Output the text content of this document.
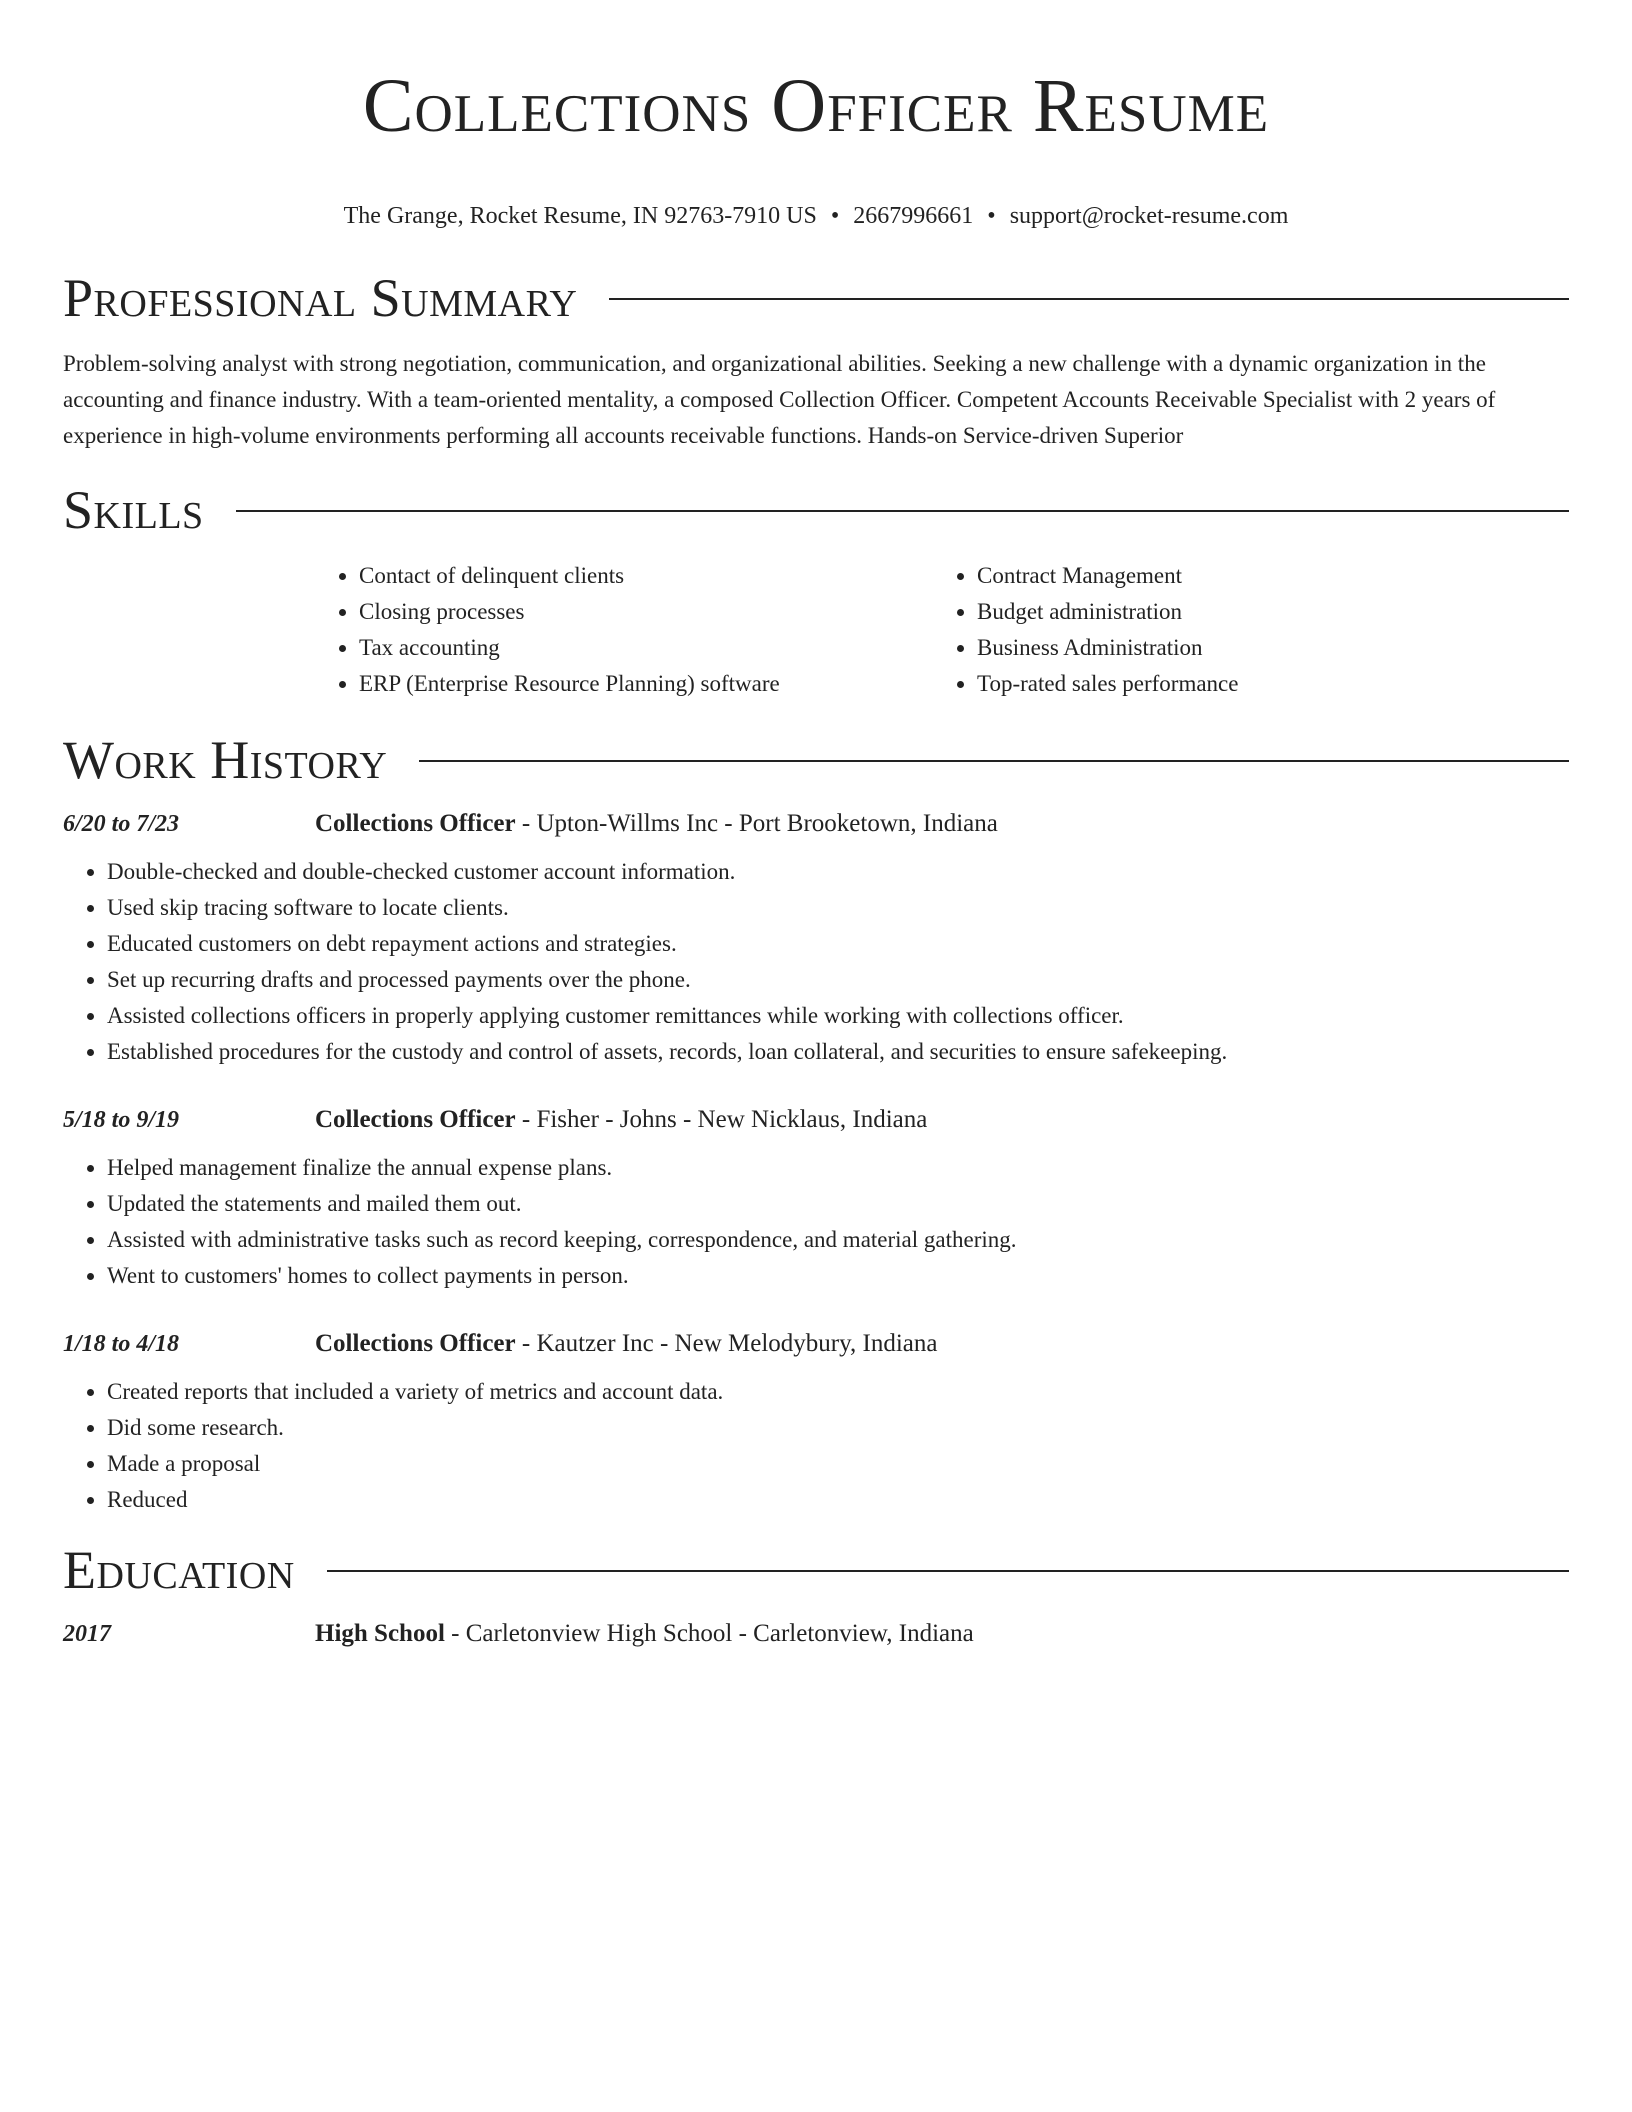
Collections Officer Resume
The Grange, Rocket Resume, IN 92763-7910 US • 2667996661 • support@rocket-resume.com
Professional Summary

Problem-solving analyst with strong negotiation, communication, and organizational abilities. Seeking a new challenge with a dynamic organization in the accounting and finance industry. With a team-oriented mentality, a composed Collection Officer. Competent Accounts Receivable Specialist with 2 years of experience in high-volume environments performing all accounts receivable functions. Hands-on Service-driven Superior

Skills
• Contact of delinquent clients
• Closing processes
• Tax accounting
• ERP (Enterprise Resource Planning) software
• Contract Management
• Budget administration
• Business Administration
• Top-rated sales performance
Work History
6/20 to 7/23	Collections Officer - Upton-Willms Inc - Port Brooketown, Indiana
• Double-checked and double-checked customer account information.
• Used skip tracing software to locate clients.
• Educated customers on debt repayment actions and strategies.
• Set up recurring drafts and processed payments over the phone.
• Assisted collections officers in properly applying customer remittances while working with collections officer.
• Established procedures for the custody and control of assets, records, loan collateral, and securities to ensure safekeeping.
5/18 to 9/19	Collections Officer - Fisher - Johns - New Nicklaus, Indiana
• Helped management finalize the annual expense plans.
• Updated the statements and mailed them out.
• Assisted with administrative tasks such as record keeping, correspondence, and material gathering.
• Went to customers' homes to collect payments in person.
1/18 to 4/18	Collections Officer - Kautzer Inc - New Melodybury, Indiana
• Created reports that included a variety of metrics and account data.
• Did some research.
• Made a proposal
• Reduced
Education
2017	High School - Carletonview High School - Carletonview, Indiana
